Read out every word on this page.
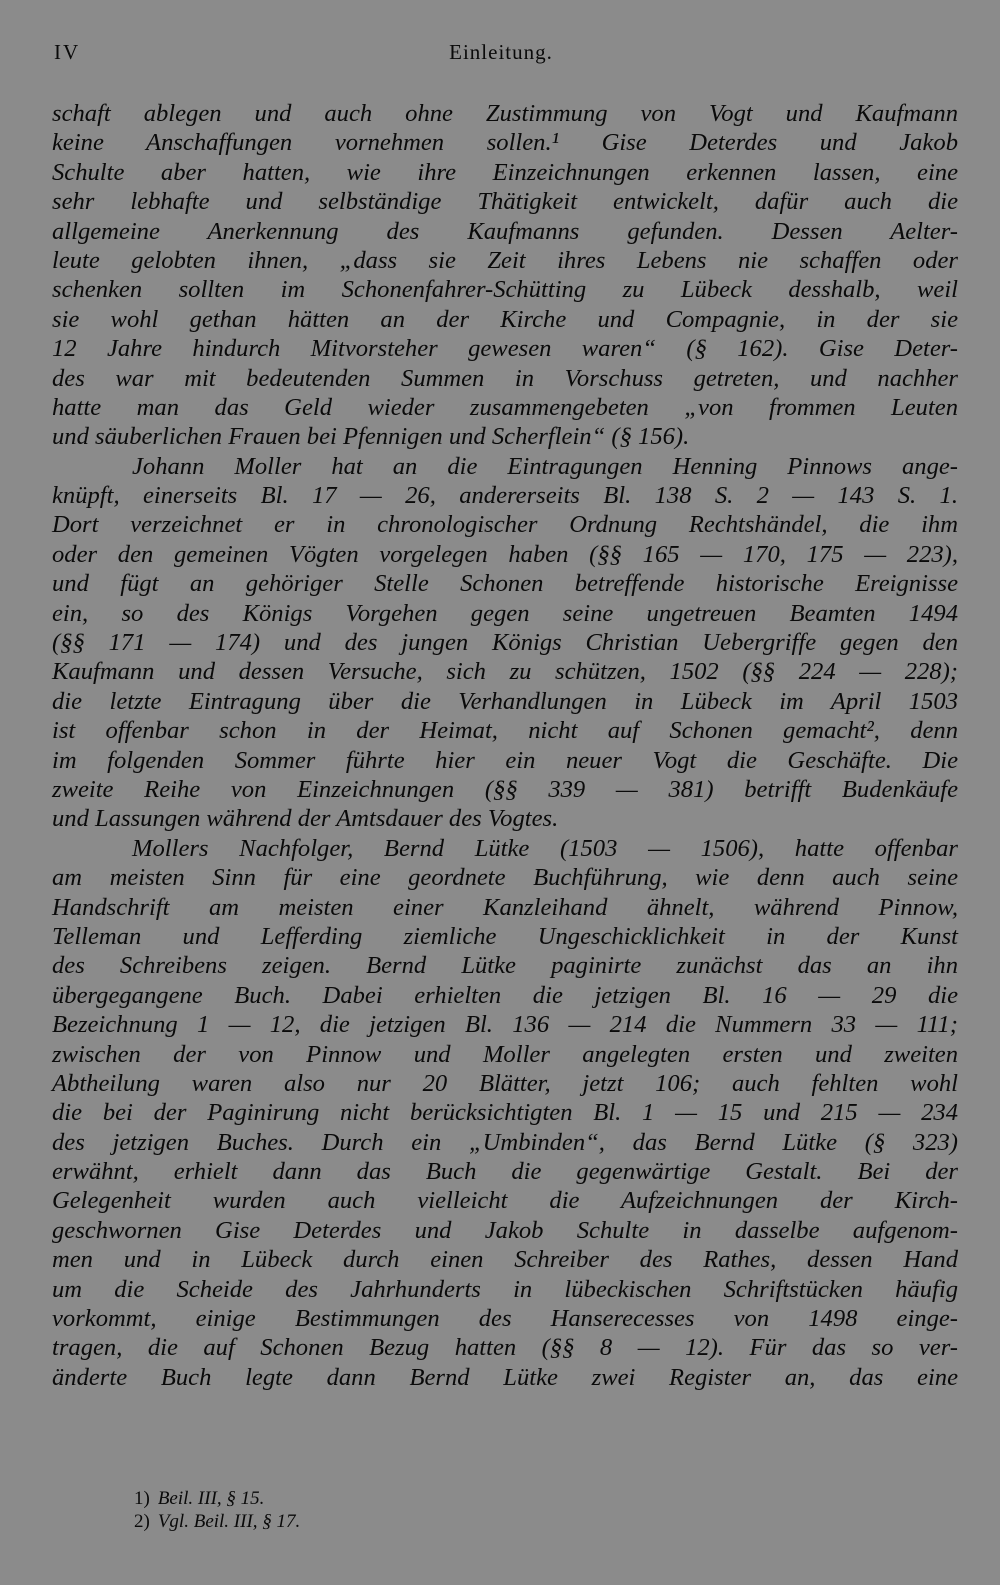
IV	Einleitung.
schaft ablegen und auch ohne Zustimmung von Vogt und Kaufmann
keine Anschaffungen vornehmen sollen.¹ Gise Deterdes und Jakob
Schulte aber hatten, wie ihre Einzeichnungen erkennen lassen, eine
sehr lebhafte und selbständige Thätigkeit entwickelt, dafür auch die
allgemeine Anerkennung des Kaufmanns gefunden. Dessen Aelter-
leute gelobten ihnen, „dass sie Zeit ihres Lebens nie schaffen oder
schenken sollten im Schonenfahrer-Schütting zu Lübeck desshalb, weil
sie wohl gethan hätten an der Kirche und Compagnie, in der sie
12 Jahre hindurch Mitvorsteher gewesen waren“ (§ 162). Gise Deter-
des war mit bedeutenden Summen in Vorschuss getreten, und nachher
hatte man das Geld wieder zusammengebeten „von frommen Leuten
und säuberlichen Frauen bei Pfennigen und Scherflein“ (§ 156).
Johann Moller hat an die Eintragungen Henning Pinnows ange-
knüpft, einerseits Bl. 17 — 26, andererseits Bl. 138 S. 2 — 143 S. 1.
Dort verzeichnet er in chronologischer Ordnung Rechtshändel, die ihm
oder den gemeinen Vögten vorgelegen haben (§§ 165 — 170, 175 — 223),
und fügt an gehöriger Stelle Schonen betreffende historische Ereignisse
ein, so des Königs Vorgehen gegen seine ungetreuen Beamten 1494
(§§ 171 — 174) und des jungen Königs Christian Uebergriffe gegen den
Kaufmann und dessen Versuche, sich zu schützen, 1502 (§§ 224 — 228);
die letzte Eintragung über die Verhandlungen in Lübeck im April 1503
ist offenbar schon in der Heimat, nicht auf Schonen gemacht², denn
im folgenden Sommer führte hier ein neuer Vogt die Geschäfte. Die
zweite Reihe von Einzeichnungen (§§ 339 — 381) betrifft Budenkäufe
und Lassungen während der Amtsdauer des Vogtes.
Mollers Nachfolger, Bernd Lütke (1503 — 1506), hatte offenbar
am meisten Sinn für eine geordnete Buchführung, wie denn auch seine
Handschrift am meisten einer Kanzleihand ähnelt, während Pinnow,
Telleman und Lefferding ziemliche Ungeschicklichkeit in der Kunst
des Schreibens zeigen. Bernd Lütke paginirte zunächst das an ihn
übergegangene Buch. Dabei erhielten die jetzigen Bl. 16 — 29 die
Bezeichnung 1 — 12, die jetzigen Bl. 136 — 214 die Nummern 33 — 111;
zwischen der von Pinnow und Moller angelegten ersten und zweiten
Abtheilung waren also nur 20 Blätter, jetzt 106; auch fehlten wohl
die bei der Paginirung nicht berücksichtigten Bl. 1 — 15 und 215 — 234
des jetzigen Buches. Durch ein „Umbinden“, das Bernd Lütke (§ 323)
erwähnt, erhielt dann das Buch die gegenwärtige Gestalt. Bei der
Gelegenheit wurden auch vielleicht die Aufzeichnungen der Kirch-
geschwornen Gise Deterdes und Jakob Schulte in dasselbe aufgenom-
men und in Lübeck durch einen Schreiber des Rathes, dessen Hand
um die Scheide des Jahrhunderts in lübeckischen Schriftstücken häufig
vorkommt, einige Bestimmungen des Hanserecesses von 1498 einge-
tragen, die auf Schonen Bezug hatten (§§ 8 — 12). Für das so ver-
änderte Buch legte dann Bernd Lütke zwei Register an, das eine
1) Beil. III, § 15.
2) Vgl. Beil. III, § 17.
